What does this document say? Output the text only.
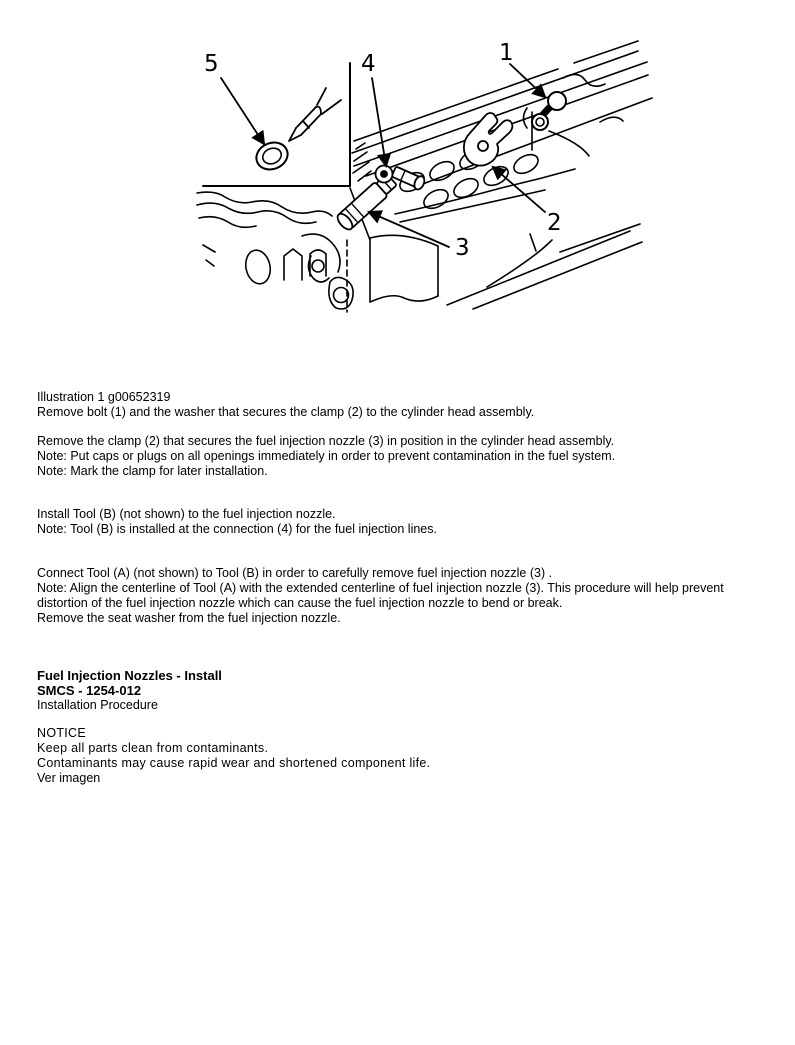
5	4	1
2
3

Illustration 1 g00652319

Remove bolt (1) and the washer that secures the clamp (2) to the cylinder head assembly.

Remove the clamp (2) that secures the fuel injection nozzle (3) in position in the cylinder head assembly.

Note: Put caps or plugs on all openings immediately in order to prevent contamination in the fuel system.

Note: Mark the clamp for later installation.

Install Tool (B) (not shown) to the fuel injection nozzle.

Note: Tool (B) is installed at the connection (4) for the fuel injection lines.

Connect Tool (A) (not shown) to Tool (B) in order to carefully remove fuel injection nozzle (3) .

Note: Align the centerline of Tool (A) with the extended centerline of fuel injection nozzle (3). This procedure will help prevent distortion of the fuel injection nozzle which can cause the fuel injection nozzle to bend or break.

Remove the seat washer from the fuel injection nozzle.

Fuel Injection Nozzles - Install

SMCS - 1254-012

Installation Procedure

NOTICE

Keep all parts clean from contaminants.

Contaminants may cause rapid wear and shortened component life.

Ver imagen
